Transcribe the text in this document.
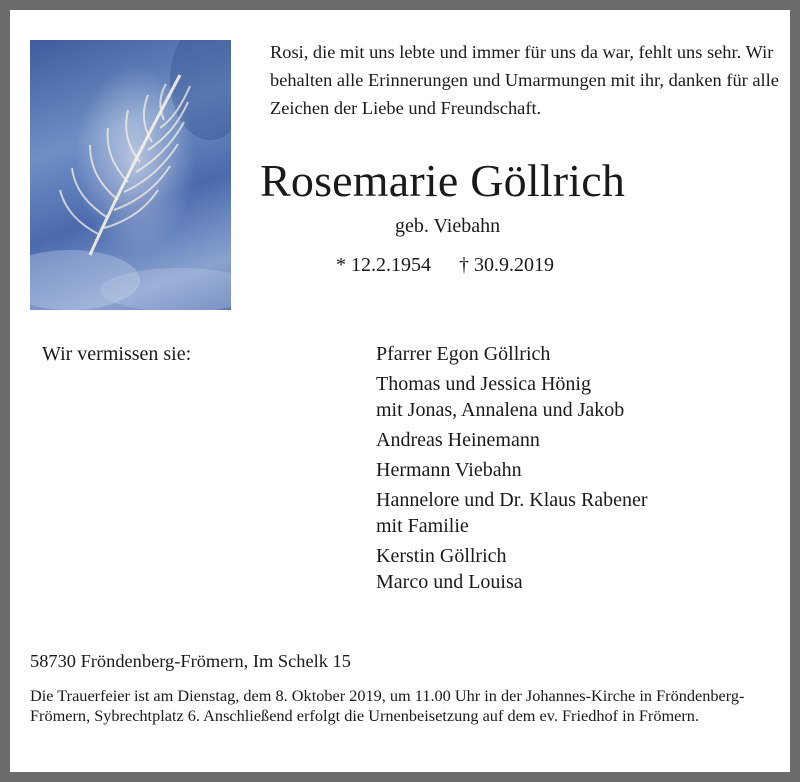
Rosi, die mit uns lebte und immer für uns da war, fehlt uns sehr. Wir behalten alle Erinnerungen und Umarmungen mit ihr, danken für alle Zeichen der Liebe und Freundschaft.
Rosemarie Göllrich
geb. Viebahn
* 12.2.1954 † 30.9.2019
Wir vermissen sie:	Pfarrer Egon Göllrich
Thomas und Jessica Hönig
mit Jonas, Annalena und Jakob
Andreas Heinemann
Hermann Viebahn
Hannelore und Dr. Klaus Rabener
mit Familie
Kerstin Göllrich
Marco und Louisa
58730 Fröndenberg-Frömern, Im Schelk 15
Die Trauerfeier ist am Dienstag, dem 8. Oktober 2019, um 11.00 Uhr in der Johannes-Kirche in Fröndenberg-Frömern, Sybrechtplatz 6. Anschließend erfolgt die Urnenbeisetzung auf dem ev. Friedhof in Frömern.
